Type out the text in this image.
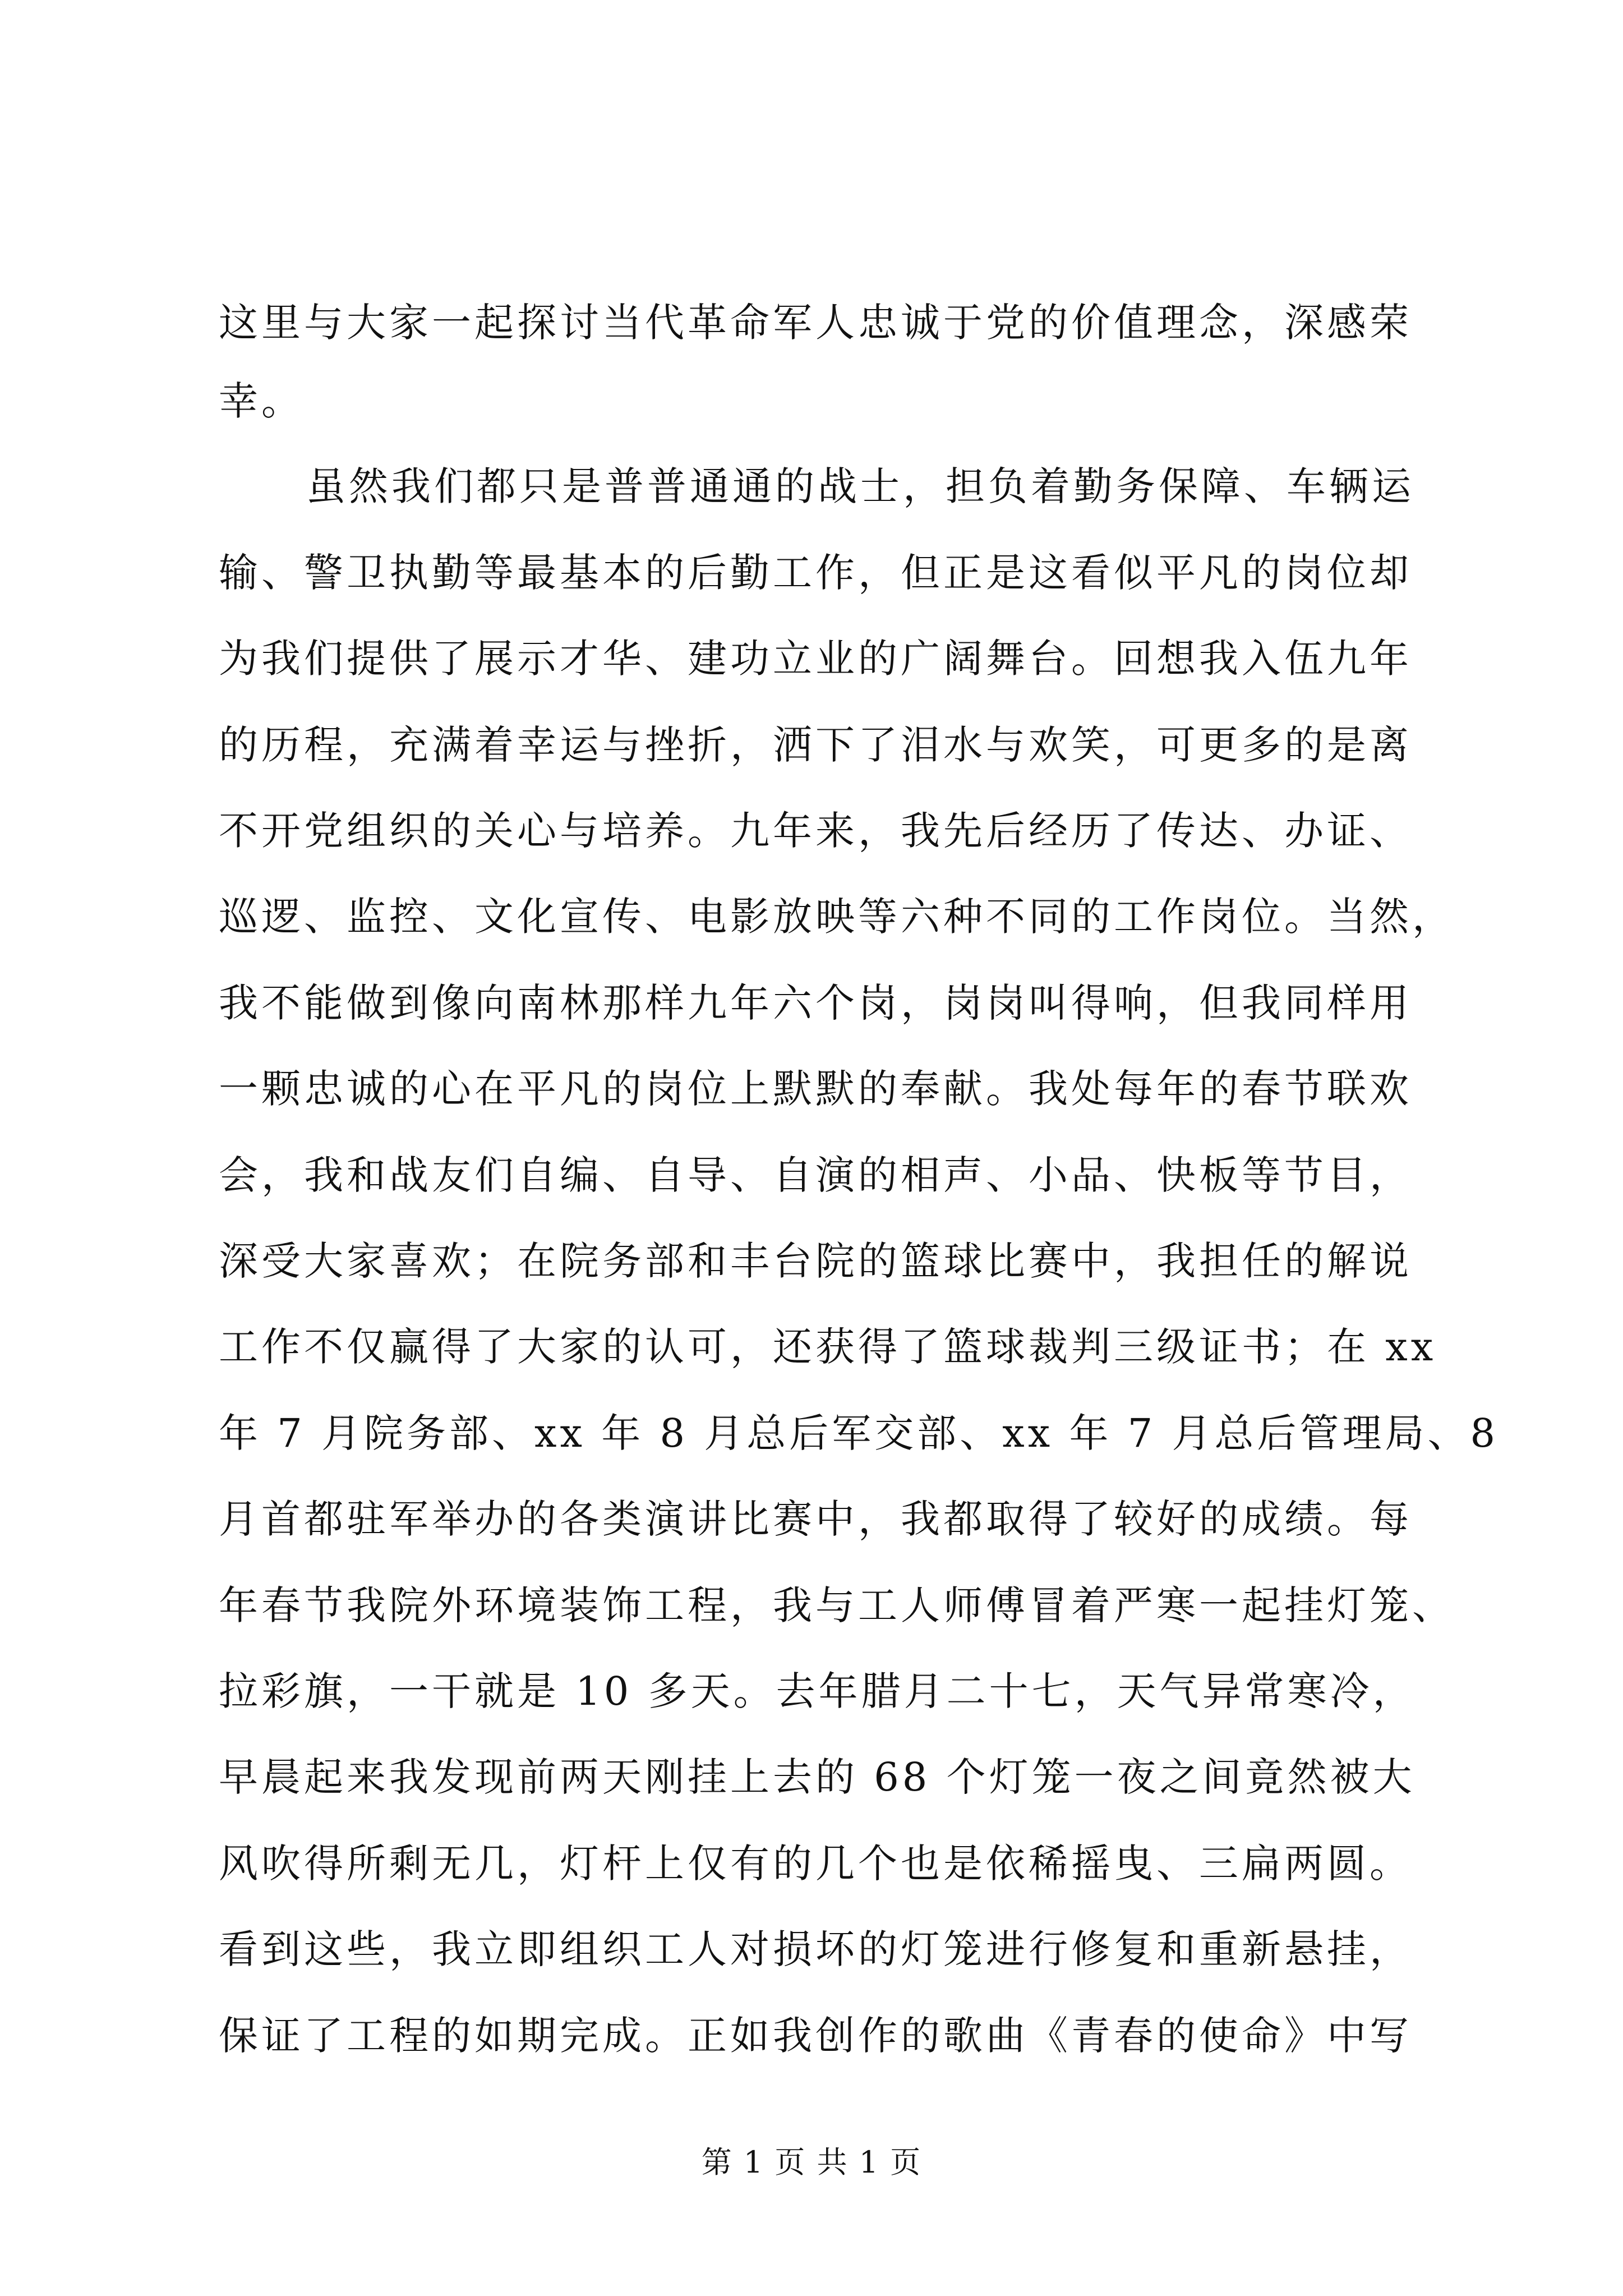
这里与大家一起探讨当代革命军人忠诚于党的价值理念，深感荣
幸。
虽然我们都只是普普通通的战士，担负着勤务保障、车辆运
输、警卫执勤等最基本的后勤工作，但正是这看似平凡的岗位却
为我们提供了展示才华、建功立业的广阔舞台。回想我入伍九年
的历程，充满着幸运与挫折，洒下了泪水与欢笑，可更多的是离
不开党组织的关心与培养。九年来，我先后经历了传达、办证、
巡逻、监控、文化宣传、电影放映等六种不同的工作岗位。当然，
我不能做到像向南林那样九年六个岗，岗岗叫得响，但我同样用
一颗忠诚的心在平凡的岗位上默默的奉献。我处每年的春节联欢
会，我和战友们自编、自导、自演的相声、小品、快板等节目，
深受大家喜欢；在院务部和丰台院的篮球比赛中，我担任的解说
工作不仅赢得了大家的认可，还获得了篮球裁判三级证书；在 xx
年 7 月院务部、xx 年 8 月总后军交部、xx 年 7 月总后管理局、8
月首都驻军举办的各类演讲比赛中，我都取得了较好的成绩。每
年春节我院外环境装饰工程，我与工人师傅冒着严寒一起挂灯笼、
拉彩旗，一干就是 10 多天。去年腊月二十七，天气异常寒冷，
早晨起来我发现前两天刚挂上去的 68 个灯笼一夜之间竟然被大
风吹得所剩无几，灯杆上仅有的几个也是依稀摇曳、三扁两圆。
看到这些，我立即组织工人对损坏的灯笼进行修复和重新悬挂，
保证了工程的如期完成。正如我创作的歌曲《青春的使命》中写
第 1 页 共 1 页
